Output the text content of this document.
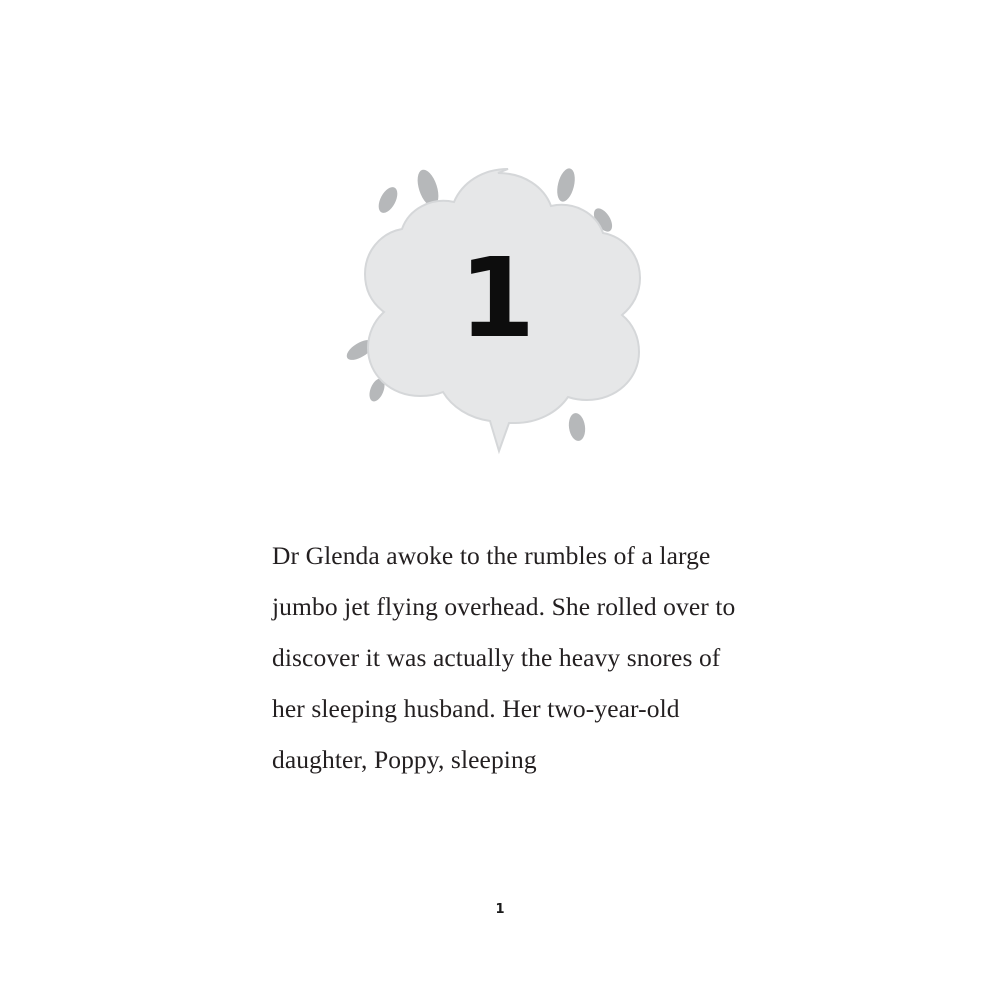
1

Dr Glenda awoke to the rumbles of a large jumbo jet flying overhead. She rolled over to discover it was actually the heavy snores of her sleeping husband. Her two-year-old daughter, Poppy, sleeping

1
